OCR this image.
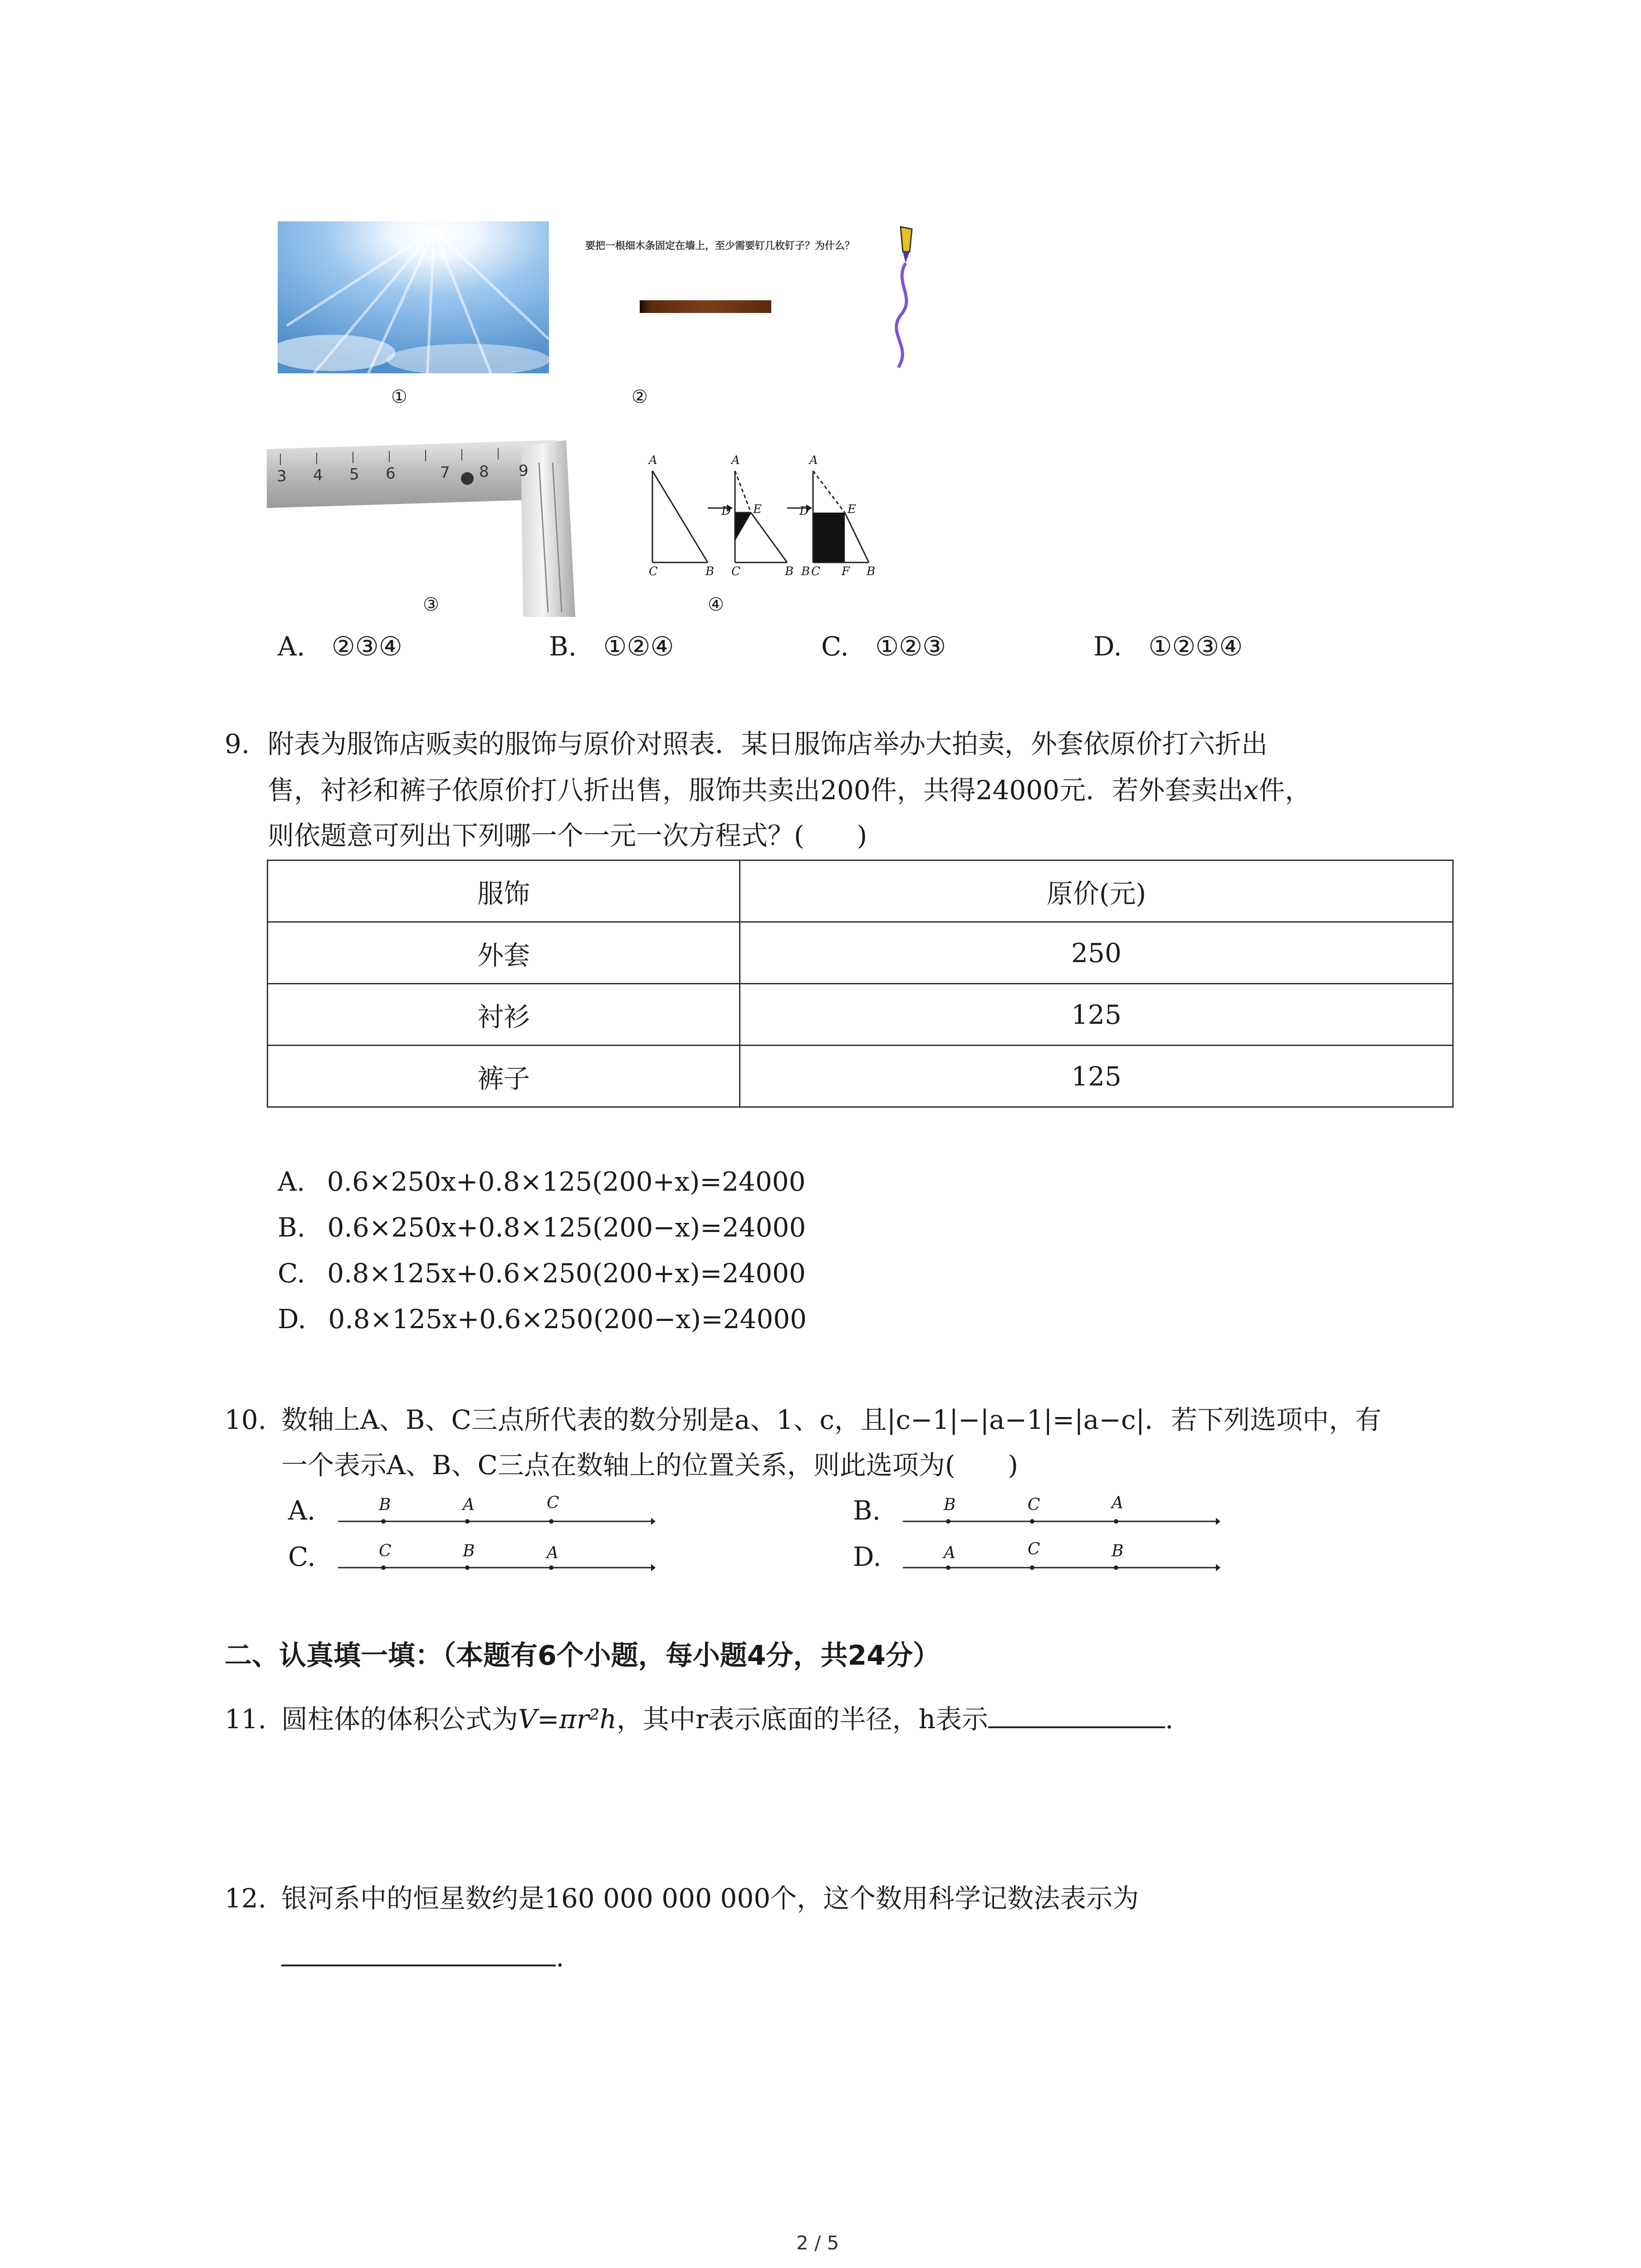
①
要把一根细木条固定在墙上，至少需要钉几枚钉子？为什么？
②
3 4 5 6	7 8 9
③
A
C	B
A
D E
C	B
A
D	E
B C F B
④
A. ②③④	B. ①②④	C. ①②③	D. ①②③④
9. 附表为服饰店贩卖的服饰与原价对照表．某日服饰店举办大拍卖，外套依原价打六折出
售，衬衫和裤子依原价打八折出售，服饰共卖出200件，共得24000元．若外套卖出x件，
则依题意可列出下列哪一个一元一次方程式？(　　)
服饰	原价(元)
外套	250
衬衫	125
裤子	125
A. 0.6×250x+0.8×125(200+x)=24000
B. 0.6×250x+0.8×125(200−x)=24000
C. 0.8×125x+0.6×250(200+x)=24000
D. 0.8×125x+0.6×250(200−x)=24000
10. 数轴上A、B、C三点所代表的数分别是a、1、c，且|c−1|−|a−1|=|a−c|．若下列选项中，有
一个表示A、B、C三点在数轴上的位置关系，则此选项为(　　)
A.	B	A	C	B.	B	C	A
C.	C	B	A	D.	A	C	B
二、认真填一填：（本题有6个小题，每小题4分，共24分）
11. 圆柱体的体积公式为V=πr²h，其中r表示底面的半径，h表示	.
12. 银河系中的恒星数约是160 000 000 000个，这个数用科学记数法表示为
.
2 / 5
